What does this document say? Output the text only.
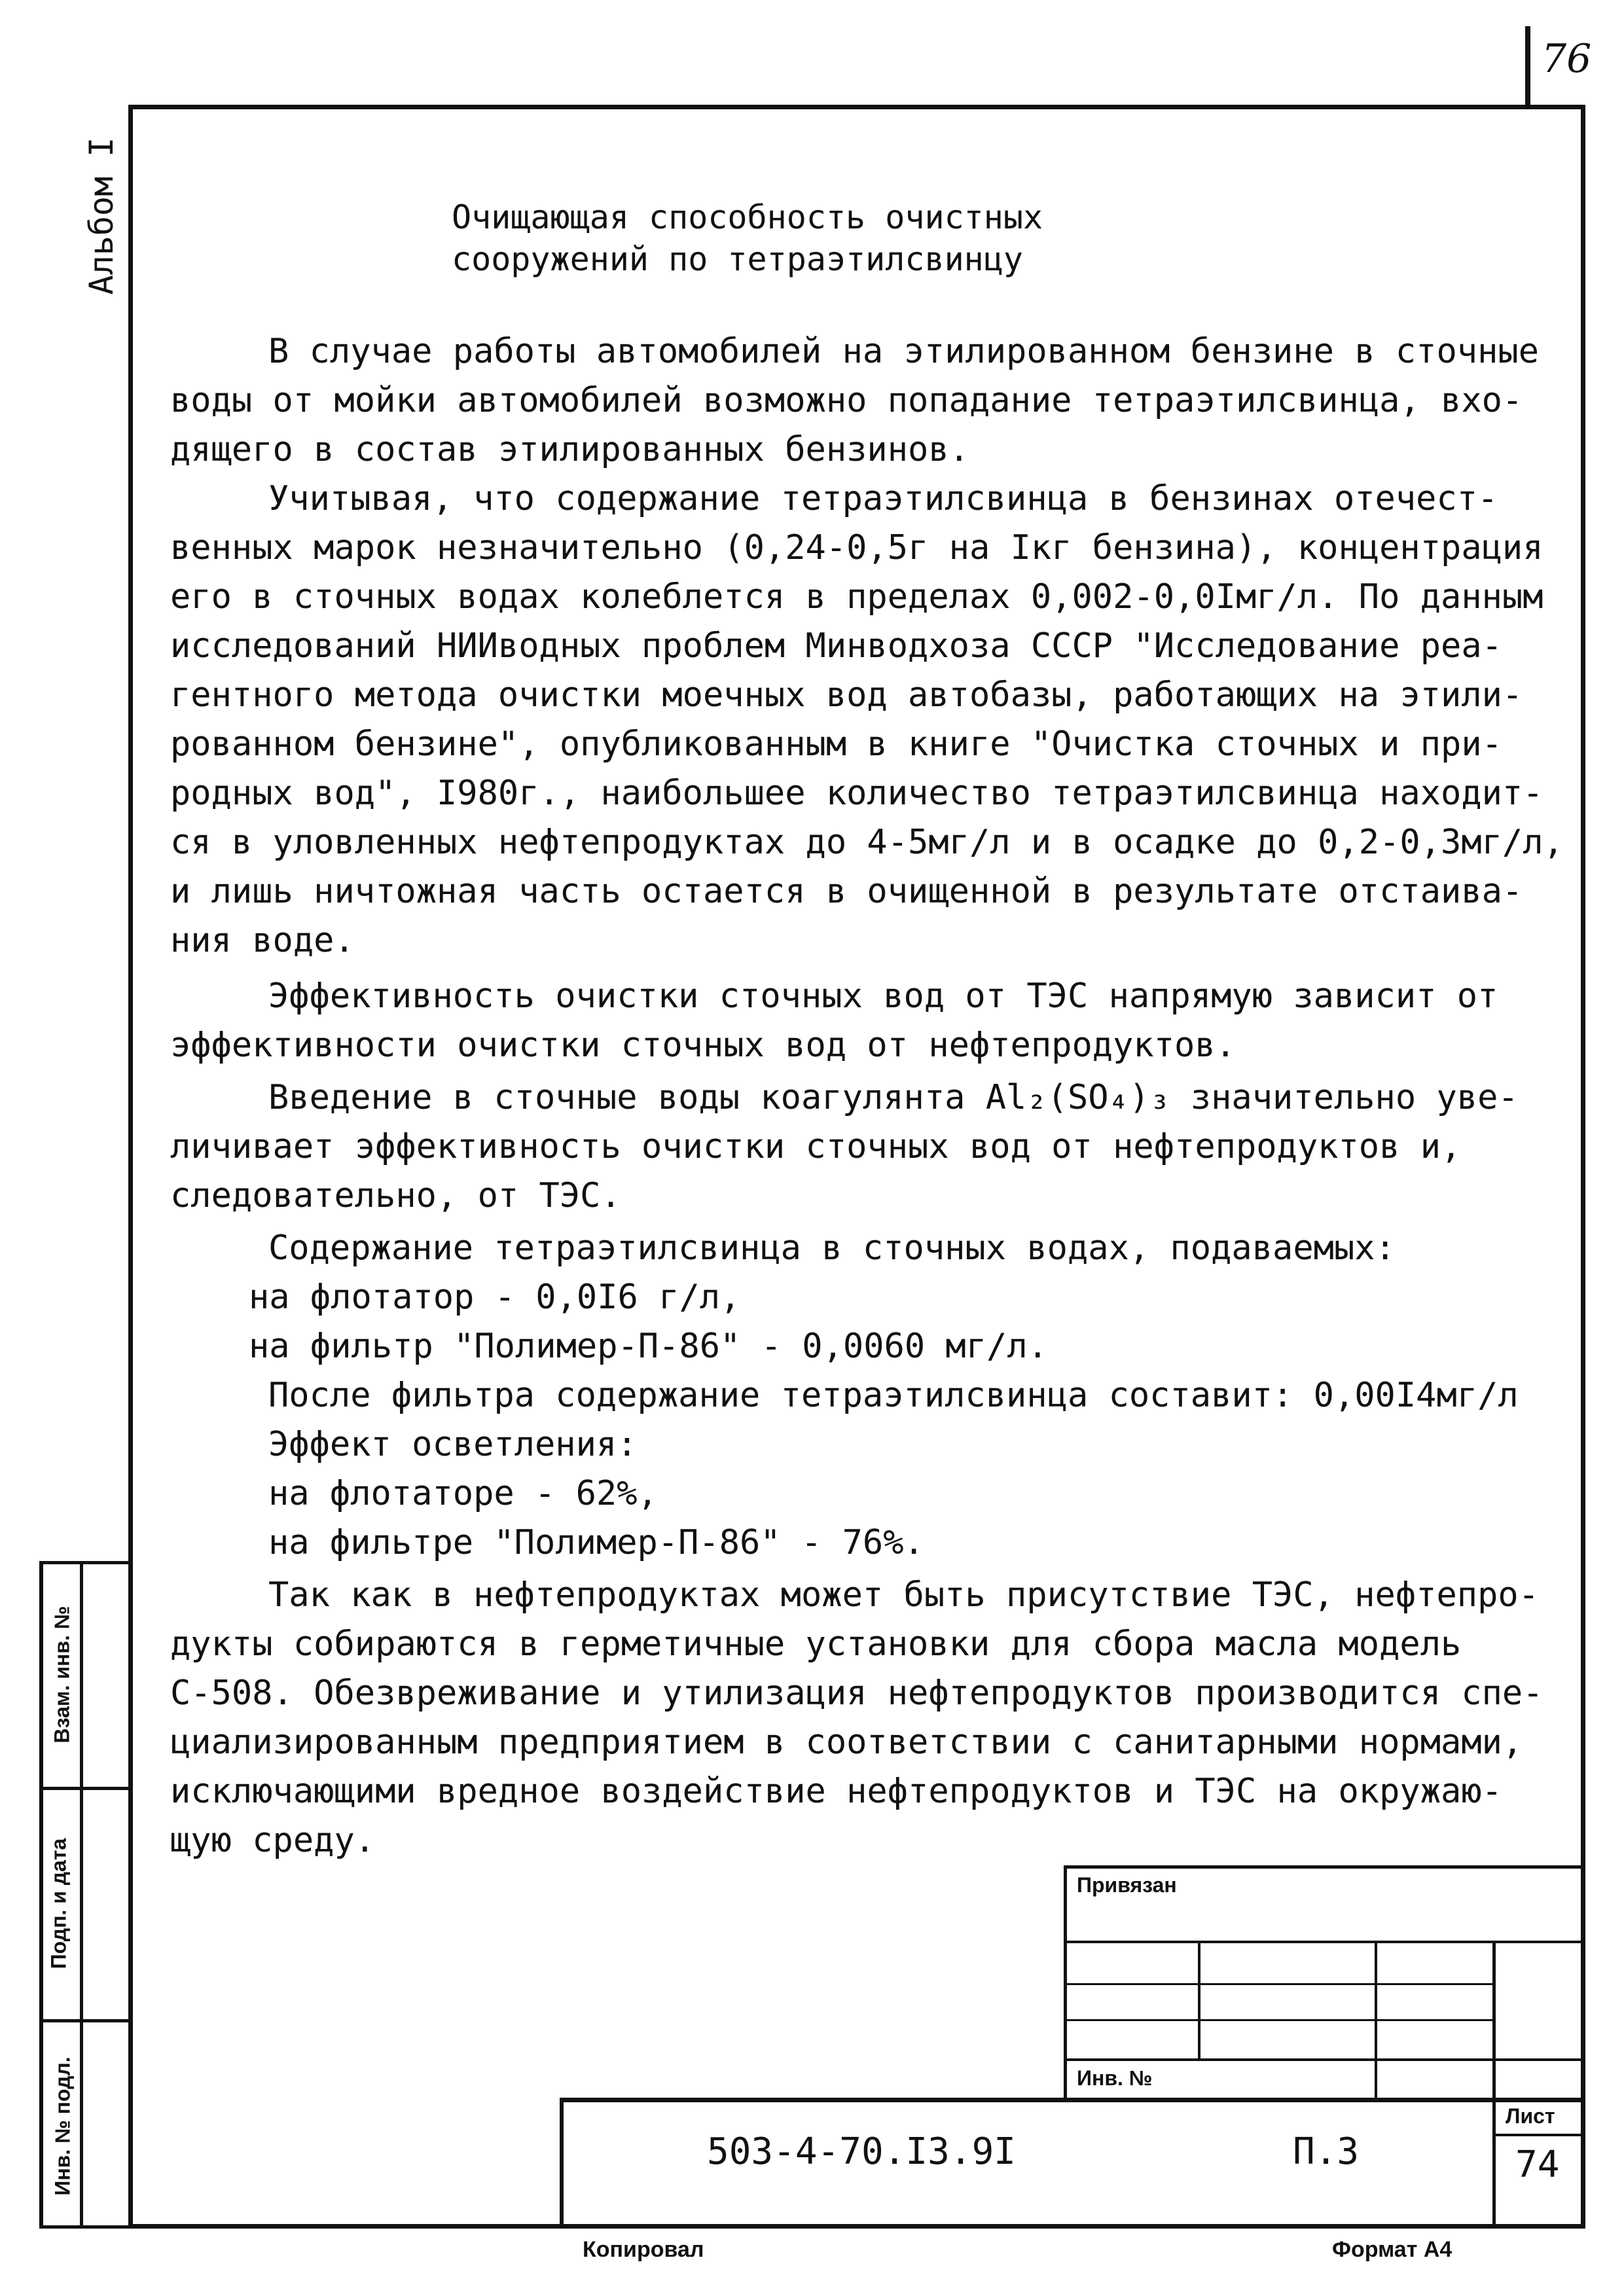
76
Альбом I	Очищающая способность очистных
сооружений по тетраэтилсвинцу
В случае работы автомобилей на этилированном бензине в сточные
воды от мойки автомобилей возможно попадание тетраэтилсвинца, вхо-
дящего в состав этилированных бензинов.
Учитывая, что содержание тетраэтилсвинца в бензинах отечест-
венных марок незначительно (0,24-0,5г на Iкг бензина), концентрация
его в сточных водах колеблется в пределах 0,002-0,0Iмг/л. По данным
исследований НИИводных проблем Минводхоза СССР "Исследование реа-
гентного метода очистки моечных вод автобазы, работающих на этили-
рованном бензине", опубликованным в книге "Очистка сточных и при-
родных вод", I980г., наибольшее количество тетраэтилсвинца находит-
ся в уловленных нефтепродуктах до 4-5мг/л и в осадке до 0,2-0,3мг/л,
и лишь ничтожная часть остается в очищенной в результате отстаива-
ния воде.
Эффективность очистки сточных вод от ТЭС напрямую зависит от
эффективности очистки сточных вод от нефтепродуктов.
Введение в сточные воды коагулянта Al₂(SO₄)₃ значительно уве-
личивает эффективность очистки сточных вод от нефтепродуктов и,
следовательно, от ТЭС.
Содержание тетраэтилсвинца в сточных водах, подаваемых:
на флотатор - 0,0I6 г/л,
на фильтр "Полимер-П-86" - 0,0060 мг/л.
После фильтра содержание тетраэтилсвинца составит: 0,00I4мг/л
Эффект осветления:
на флотаторе - 62%,
на фильтре "Полимер-П-86" - 76%.
Так как в нефтепродуктах может быть присутствие ТЭС, нефтепро-
дукты собираются в герметичные установки для сбора масла модель
С-508. Обезвреживание и утилизация нефтепродуктов производится спе-
циализированным предприятием в соответствии с санитарными нормами,
исключающими вредное воздействие нефтепродуктов и ТЭС на окружаю-
щую среду.
Взам. инв. №
Подп. и дата
Инв. № подл.
Привязан
Инв. №
503-4-70.I3.9I	П.3
Лист
74
Копировал	Формат А4
